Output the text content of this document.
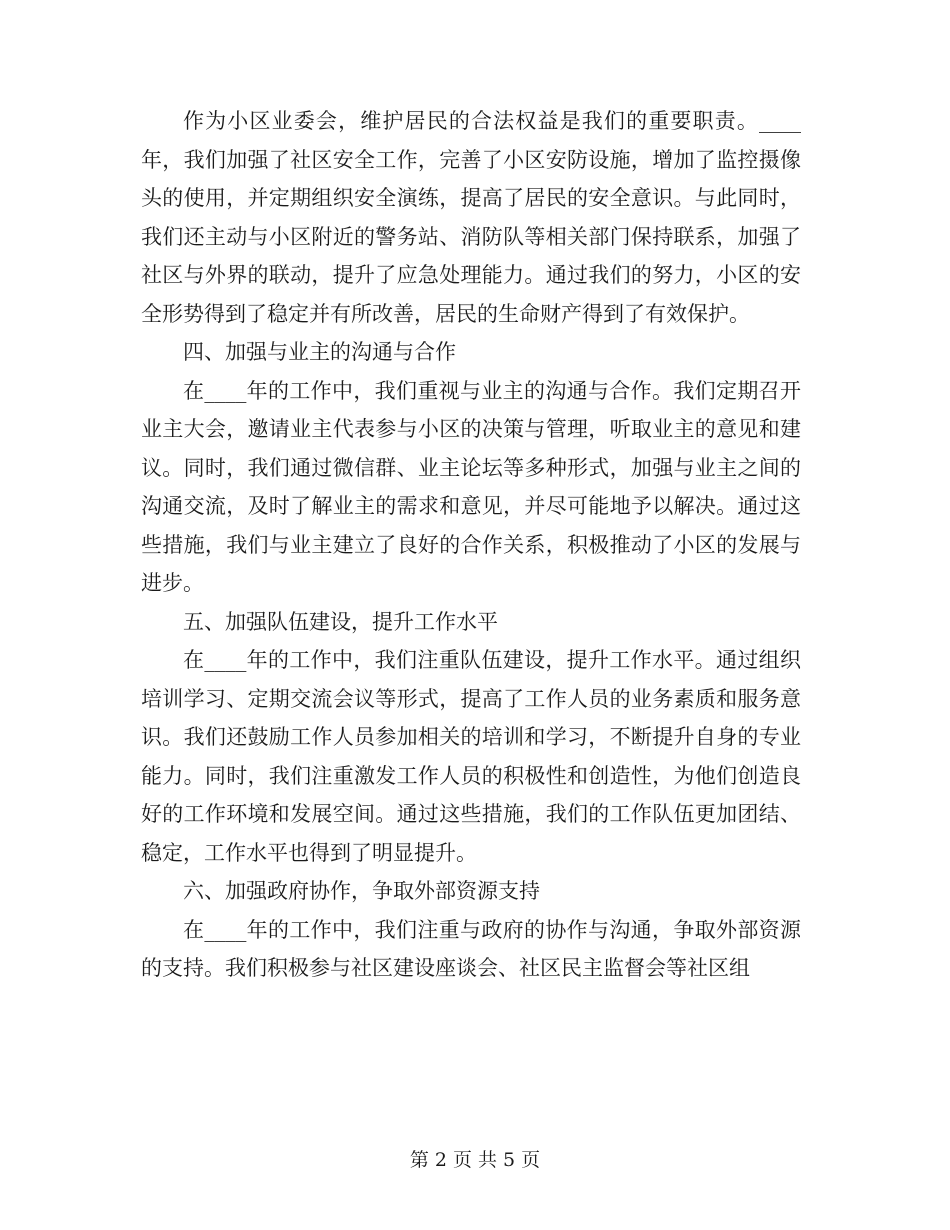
作为小区业委会，维护居民的合法权益是我们的重要职责。____年，我们加强了社区安全工作，完善了小区安防设施，增加了监控摄像头的使用，并定期组织安全演练，提高了居民的安全意识。与此同时，我们还主动与小区附近的警务站、消防队等相关部门保持联系，加强了社区与外界的联动，提升了应急处理能力。通过我们的努力，小区的安全形势得到了稳定并有所改善，居民的生命财产得到了有效保护。

四、加强与业主的沟通与合作

在____年的工作中，我们重视与业主的沟通与合作。我们定期召开业主大会，邀请业主代表参与小区的决策与管理，听取业主的意见和建议。同时，我们通过微信群、业主论坛等多种形式，加强与业主之间的沟通交流，及时了解业主的需求和意见，并尽可能地予以解决。通过这些措施，我们与业主建立了良好的合作关系，积极推动了小区的发展与进步。

五、加强队伍建设，提升工作水平

在____年的工作中，我们注重队伍建设，提升工作水平。通过组织培训学习、定期交流会议等形式，提高了工作人员的业务素质和服务意识。我们还鼓励工作人员参加相关的培训和学习，不断提升自身的专业能力。同时，我们注重激发工作人员的积极性和创造性，为他们创造良好的工作环境和发展空间。通过这些措施，我们的工作队伍更加团结、稳定，工作水平也得到了明显提升。

六、加强政府协作，争取外部资源支持

在____年的工作中，我们注重与政府的协作与沟通，争取外部资源的支持。我们积极参与社区建设座谈会、社区民主监督会等社区组

第 2 页 共 5 页
